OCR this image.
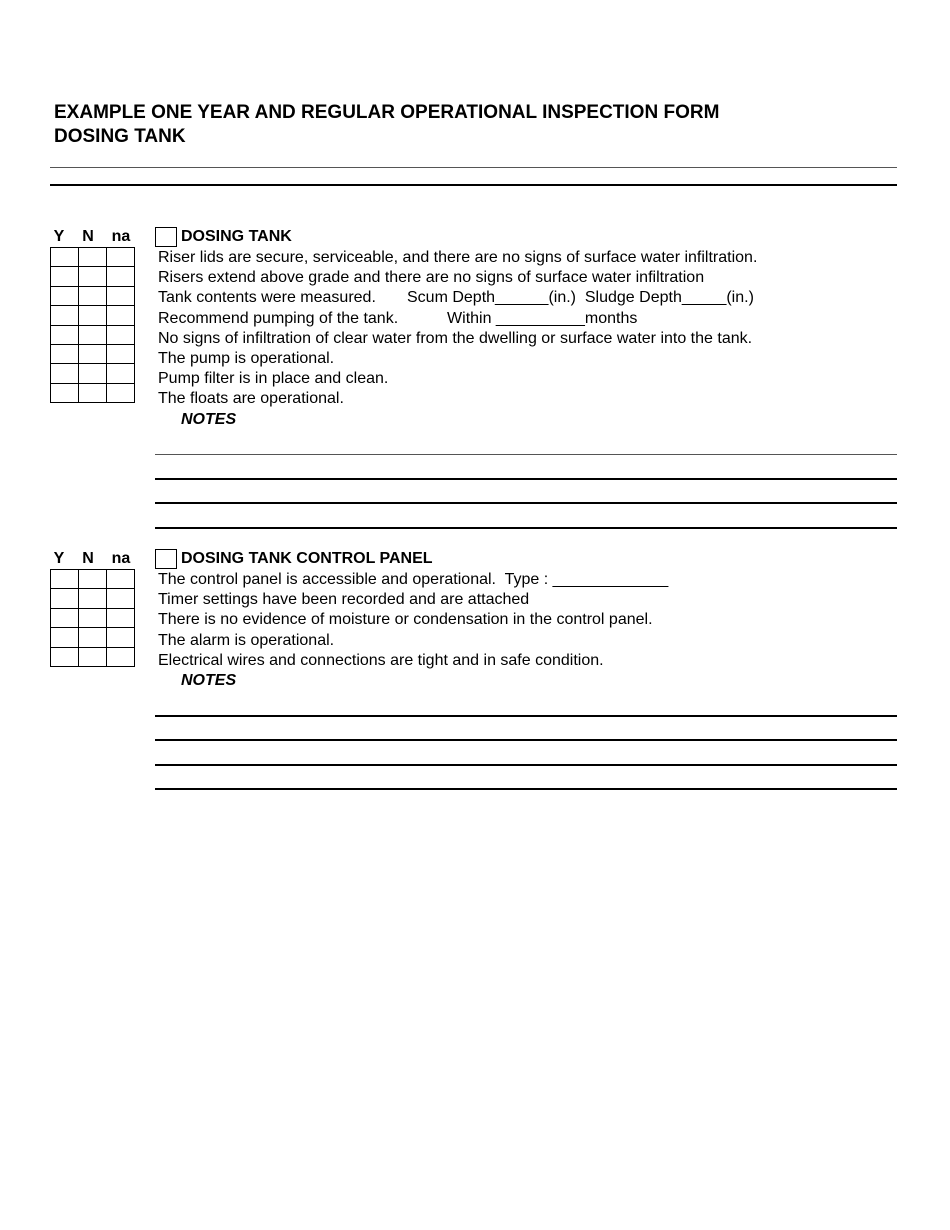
EXAMPLE ONE YEAR AND REGULAR OPERATIONAL INSPECTION FORM
DOSING TANK
Y	N	na

			DOSING TANK
Riser lids are secure, serviceable, and there are no signs of surface water infiltration.
Risers extend above grade and there are no signs of surface water infiltration
Tank contents were measured.       Scum Depth______(in.)  Sludge Depth_____(in.)
Recommend pumping of the tank.           Within __________months
No signs of infiltration of clear water from the dwelling or surface water into the tank.
The pump is operational.
Pump filter is in place and clean.
The floats are operational.
NOTES
Y	N	na

			DOSING TANK CONTROL PANEL
The control panel is accessible and operational.  Type : _____________
Timer settings have been recorded and are attached
There is no evidence of moisture or condensation in the control panel.
The alarm is operational.
Electrical wires and connections are tight and in safe condition.
NOTES
